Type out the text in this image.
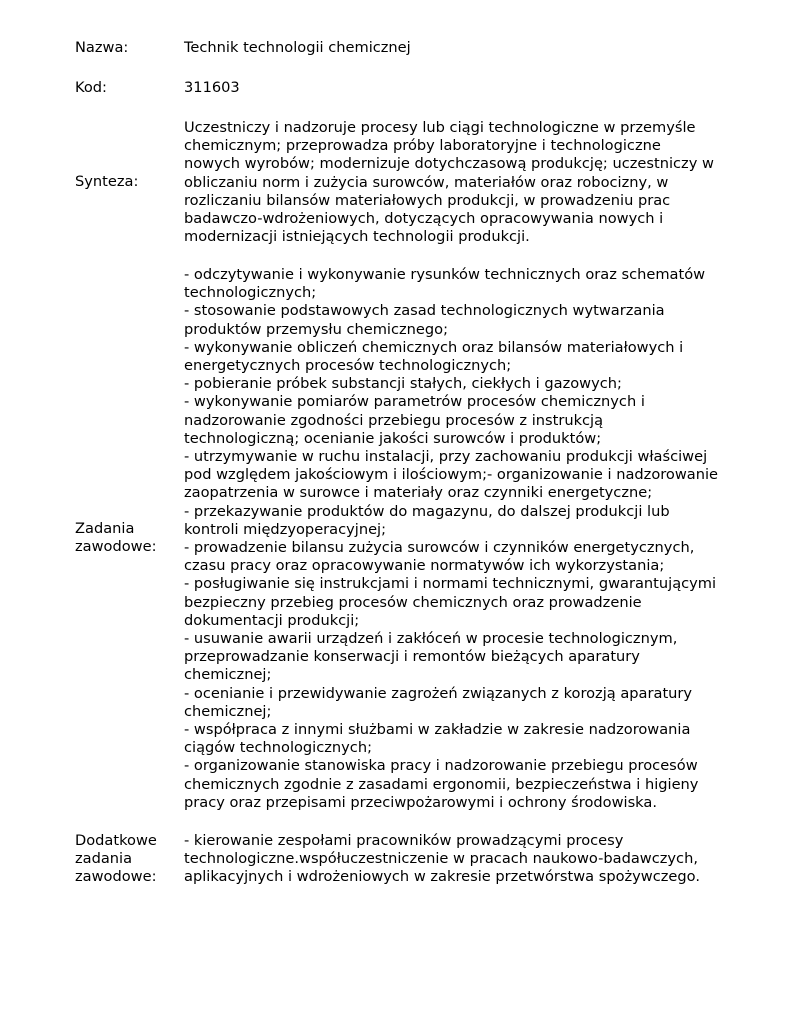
Nazwa:	Technik technologii chemicznej
Kod:	311603
Synteza:
Uczestniczy i nadzoruje procesy lub ciągi technologiczne w przemyśle
chemicznym; przeprowadza próby laboratoryjne i technologiczne
nowych wyrobów; modernizuje dotychczasową produkcję; uczestniczy w
obliczaniu norm i zużycia surowców, materiałów oraz robocizny, w
rozliczaniu bilansów materiałowych produkcji, w prowadzeniu prac
badawczo-wdrożeniowych, dotyczących opracowywania nowych i
modernizacji istniejących technologii produkcji.
Zadania
zawodowe:
- odczytywanie i wykonywanie rysunków technicznych oraz schematów
technologicznych;
- stosowanie podstawowych zasad technologicznych wytwarzania
produktów przemysłu chemicznego;
- wykonywanie obliczeń chemicznych oraz bilansów materiałowych i
energetycznych procesów technologicznych;
- pobieranie próbek substancji stałych, ciekłych i gazowych;
- wykonywanie pomiarów parametrów procesów chemicznych i
nadzorowanie zgodności przebiegu procesów z instrukcją
technologiczną; ocenianie jakości surowców i produktów;
- utrzymywanie w ruchu instalacji, przy zachowaniu produkcji właściwej
pod względem jakościowym i ilościowym;- organizowanie i nadzorowanie
zaopatrzenia w surowce i materiały oraz czynniki energetyczne;
- przekazywanie produktów do magazynu, do dalszej produkcji lub
kontroli międzyoperacyjnej;
- prowadzenie bilansu zużycia surowców i czynników energetycznych,
czasu pracy oraz opracowywanie normatywów ich wykorzystania;
- posługiwanie się instrukcjami i normami technicznymi, gwarantującymi
bezpieczny przebieg procesów chemicznych oraz prowadzenie
dokumentacji produkcji;
- usuwanie awarii urządzeń i zakłóceń w procesie technologicznym,
przeprowadzanie konserwacji i remontów bieżących aparatury
chemicznej;
- ocenianie i przewidywanie zagrożeń związanych z korozją aparatury
chemicznej;
- współpraca z innymi służbami w zakładzie w zakresie nadzorowania
ciągów technologicznych;
- organizowanie stanowiska pracy i nadzorowanie przebiegu procesów
chemicznych zgodnie z zasadami ergonomii, bezpieczeństwa i higieny
pracy oraz przepisami przeciwpożarowymi i ochrony środowiska.
Dodatkowe
zadania
zawodowe:
- kierowanie zespołami pracowników prowadzącymi procesy
technologiczne.współuczestniczenie w pracach naukowo-badawczych,
aplikacyjnych i wdrożeniowych w zakresie przetwórstwa spożywczego.
